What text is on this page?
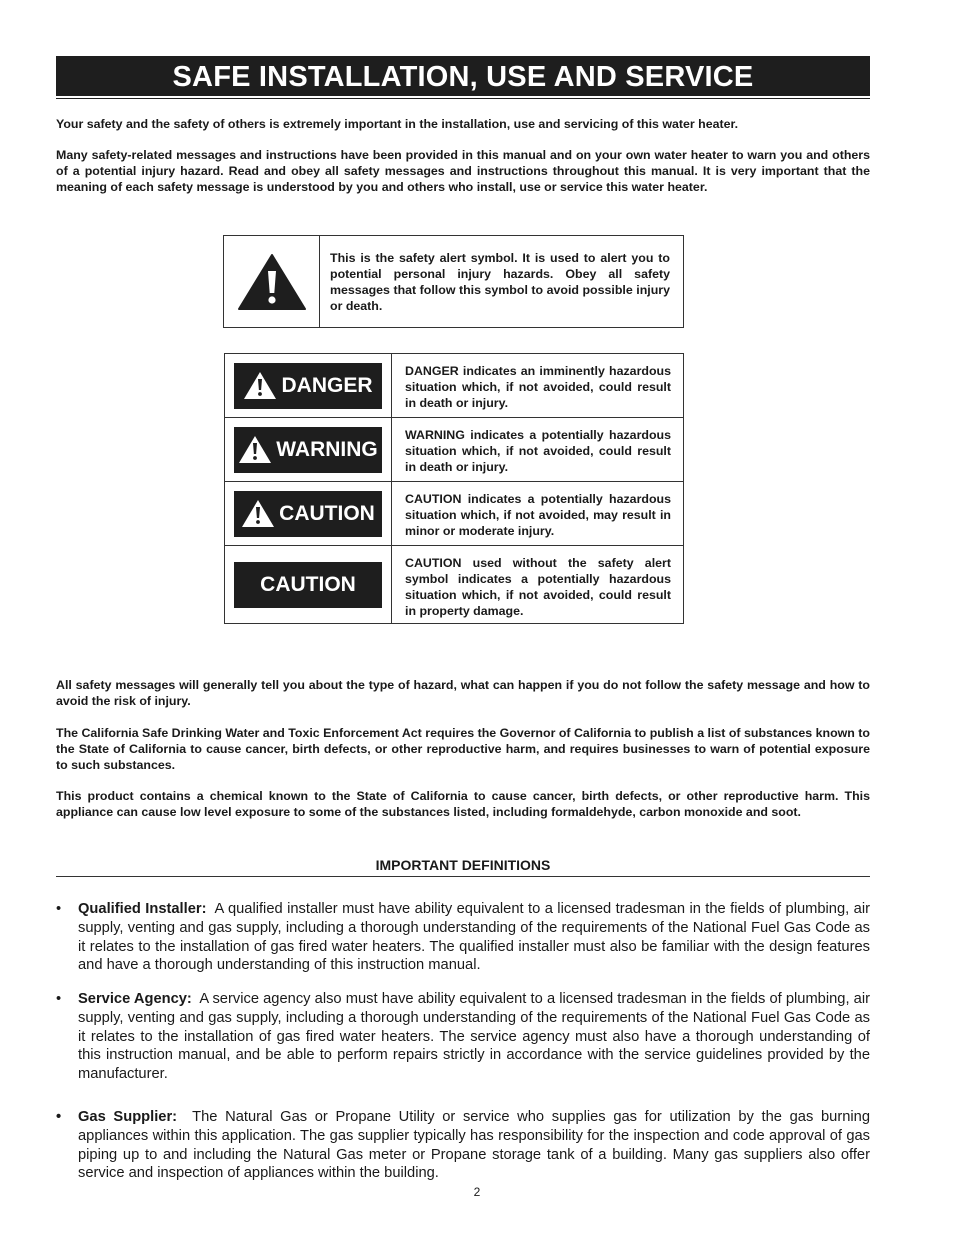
SAFE INSTALLATION, USE AND SERVICE

Your safety and the safety of others is extremely important in the installation, use and servicing of this water heater.

Many safety-related messages and instructions have been provided in this manual and on your own water heater to warn you and others of a potential injury hazard. Read and obey all safety messages and instructions throughout this manual. It is very important that the meaning of each safety message is understood by you and others who install, use or service this water heater.

This is the safety alert symbol. It is used to alert you to potential personal injury hazards. Obey all safety messages that follow this symbol to avoid possible injury or death.
DANGER
DANGER indicates an imminently hazardous situation which, if not avoided, could result in death or injury.
WARNING
WARNING indicates a potentially hazardous situation which, if not avoided, could result in death or injury.
CAUTION
CAUTION indicates a potentially hazardous situation which, if not avoided, may result in minor or moderate injury.
CAUTION
CAUTION used without the safety alert symbol indicates a potentially hazardous situation which, if not avoided, could result in property damage.

All safety messages will generally tell you about the type of hazard, what can happen if you do not follow the safety message and how to avoid the risk of injury.

The California Safe Drinking Water and Toxic Enforcement Act requires the Governor of California to publish a list of substances known to the State of California to cause cancer, birth defects, or other reproductive harm, and requires businesses to warn of potential exposure to such substances.

This product contains a chemical known to the State of California to cause cancer, birth defects, or other reproductive harm. This appliance can cause low level exposure to some of the substances listed, including formaldehyde, carbon monoxide and soot.

IMPORTANT DEFINITIONS
• Qualified Installer: A qualified installer must have ability equivalent to a licensed tradesman in the fields of plumbing, air supply, venting and gas supply, including a thorough understanding of the requirements of the National Fuel Gas Code as it relates to the installation of gas fired water heaters. The qualified installer must also be familiar with the design features and have a thorough understanding of this instruction manual.
• Service Agency: A service agency also must have ability equivalent to a licensed tradesman in the fields of plumbing, air supply, venting and gas supply, including a thorough understanding of the requirements of the National Fuel Gas Code as it relates to the installation of gas fired water heaters. The service agency must also have a thorough understanding of this instruction manual, and be able to perform repairs strictly in accordance with the service guidelines provided by the manufacturer.
• Gas Supplier: The Natural Gas or Propane Utility or service who supplies gas for utilization by the gas burning appliances within this application. The gas supplier typically has responsibility for the inspection and code approval of gas piping up to and including the Natural Gas meter or Propane storage tank of a building. Many gas suppliers also offer service and inspection of appliances within the building.
2
